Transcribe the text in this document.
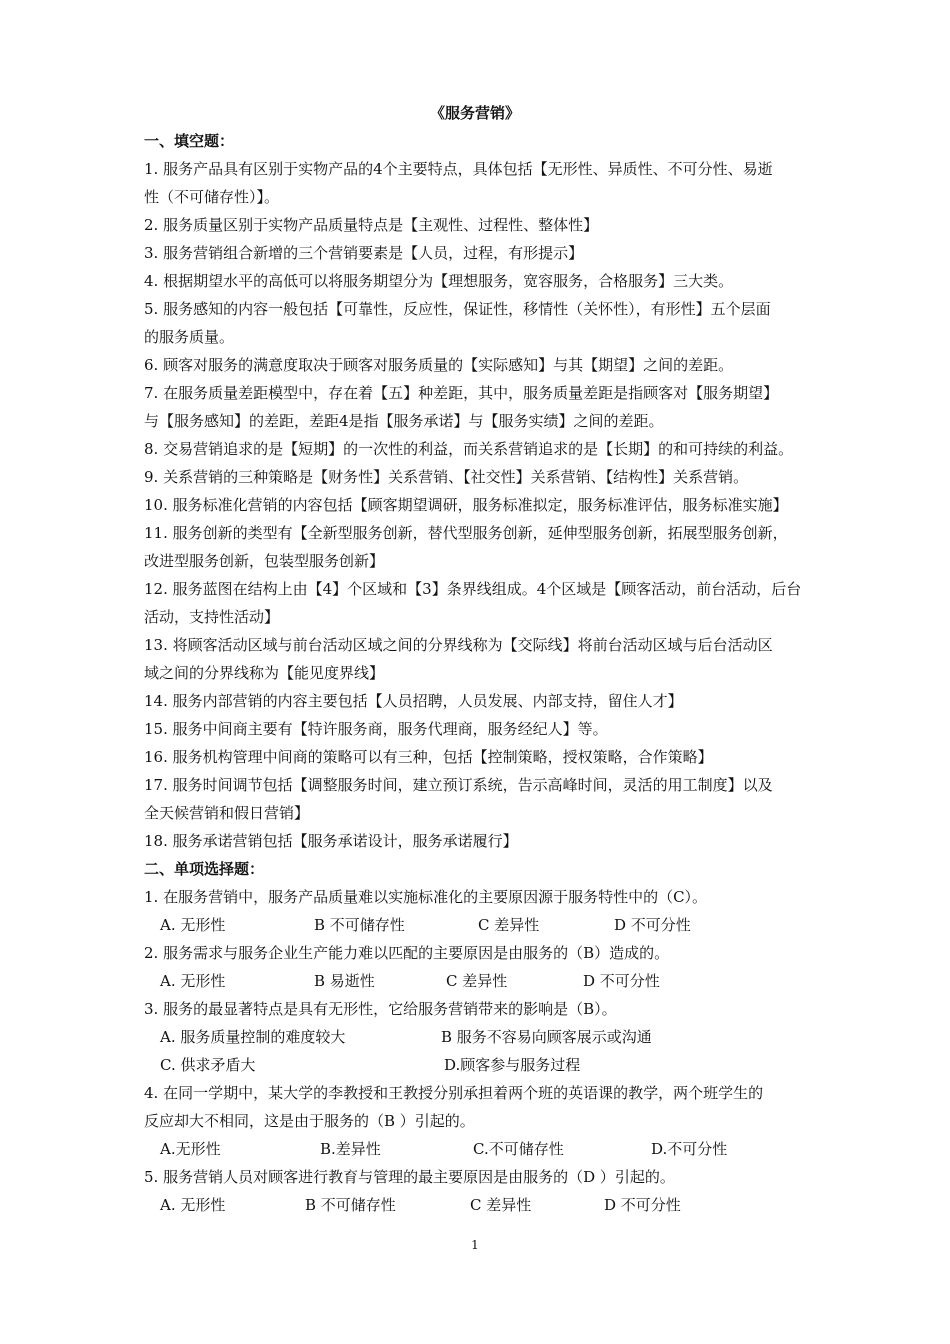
《服务营销》
一、填空题：
1. 服务产品具有区别于实物产品的4个主要特点，具体包括【无形性、异质性、不可分性、易逝
性（不可储存性）】。
2. 服务质量区别于实物产品质量特点是【主观性、过程性、整体性】
3. 服务营销组合新增的三个营销要素是【人员，过程，有形提示】
4. 根据期望水平的高低可以将服务期望分为【理想服务，宽容服务，合格服务】三大类。
5. 服务感知的内容一般包括【可靠性，反应性，保证性，移情性（关怀性），有形性】五个层面
的服务质量。
6. 顾客对服务的满意度取决于顾客对服务质量的【实际感知】与其【期望】之间的差距。
7. 在服务质量差距模型中，存在着【五】种差距，其中，服务质量差距是指顾客对【服务期望】
与【服务感知】的差距，差距4是指【服务承诺】与【服务实绩】之间的差距。
8. 交易营销追求的是【短期】的一次性的利益，而关系营销追求的是【长期】的和可持续的利益。
9. 关系营销的三种策略是【财务性】关系营销、【社交性】关系营销、【结构性】关系营销。
10. 服务标准化营销的内容包括【顾客期望调研，服务标准拟定，服务标准评估，服务标准实施】
11. 服务创新的类型有【全新型服务创新，替代型服务创新，延伸型服务创新，拓展型服务创新，
改进型服务创新，包装型服务创新】
12. 服务蓝图在结构上由【4】个区域和【3】条界线组成。4个区域是【顾客活动，前台活动，后台
活动，支持性活动】
13. 将顾客活动区域与前台活动区域之间的分界线称为【交际线】将前台活动区域与后台活动区
域之间的分界线称为【能见度界线】
14. 服务内部营销的内容主要包括【人员招聘，人员发展、内部支持，留住人才】
15. 服务中间商主要有【特许服务商，服务代理商，服务经纪人】等。
16. 服务机构管理中间商的策略可以有三种，包括【控制策略，授权策略，合作策略】
17. 服务时间调节包括【调整服务时间，建立预订系统，告示高峰时间，灵活的用工制度】以及
全天候营销和假日营销】
18. 服务承诺营销包括【服务承诺设计，服务承诺履行】
二、单项选择题：
1. 在服务营销中，服务产品质量难以实施标准化的主要原因源于服务特性中的（C）。
A. 无形性	B 不可储存性	C 差异性	D 不可分性
2. 服务需求与服务企业生产能力难以匹配的主要原因是由服务的（B）造成的。
A. 无形性	B 易逝性	C 差异性	D 不可分性
3. 服务的最显著特点是具有无形性，它给服务营销带来的影响是（B）。
A. 服务质量控制的难度较大	B 服务不容易向顾客展示或沟通
C. 供求矛盾大	D.顾客参与服务过程
4. 在同一学期中，某大学的李教授和王教授分别承担着两个班的英语课的教学，两个班学生的
反应却大不相同，这是由于服务的（B ）引起的。
A.无形性	B.差异性	C.不可储存性	D.不可分性
5. 服务营销人员对顾客进行教育与管理的最主要原因是由服务的（D ）引起的。
A. 无形性	B 不可储存性	C 差异性	D 不可分性
1
